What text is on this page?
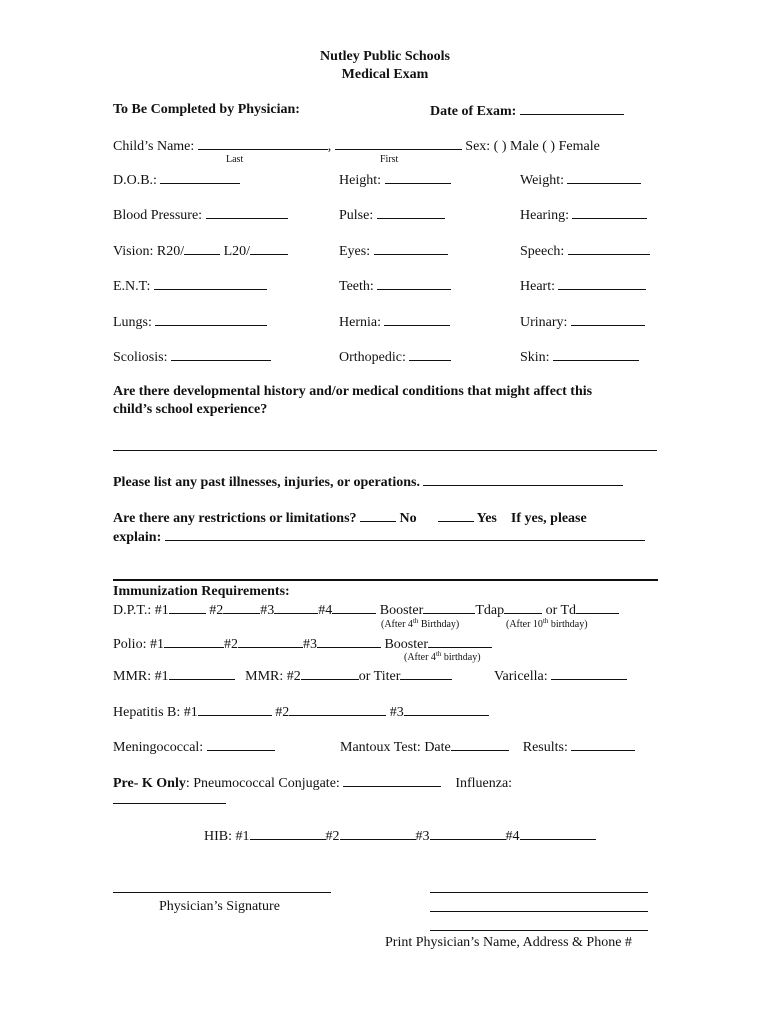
Nutley Public Schools
Medical Exam
To Be Completed by Physician:	Date of Exam:
Child’s Name:	,	Sex: ( ) Male ( ) Female
Last	First
D.O.B.:	Height:	Weight:
Blood Pressure:	Pulse:	Hearing:
Vision: R20/	L20/	Eyes:	Speech:
E.N.T:	Teeth:	Heart:
Lungs:	Hernia:	Urinary:
Scoliosis:	Orthopedic:	Skin:
Are there developmental history and/or medical conditions that might affect this
child’s school experience?
Please list any past illnesses, injuries, or operations.
Are there any restrictions or limitations?	No	Yes If yes, please
explain:
Immunization Requirements:
D.P.T.: #1	#2	#3	#4	Booster	Tdap	or Td
(After 4th Birthday)	(After 10th birthday)
Polio: #1	#2	#3	Booster
(After 4th birthday)
MMR: #1	MMR: #2	or Titer	Varicella:
Hepatitis B: #1	#2	#3
Meningococcal:	Mantoux Test: Date	Results:
Pre- K Only: Pneumococcal Conjugate:	Influenza:
HIB: #1	#2	#3	#4
Physician’s Signature
Print Physician’s Name, Address & Phone #
